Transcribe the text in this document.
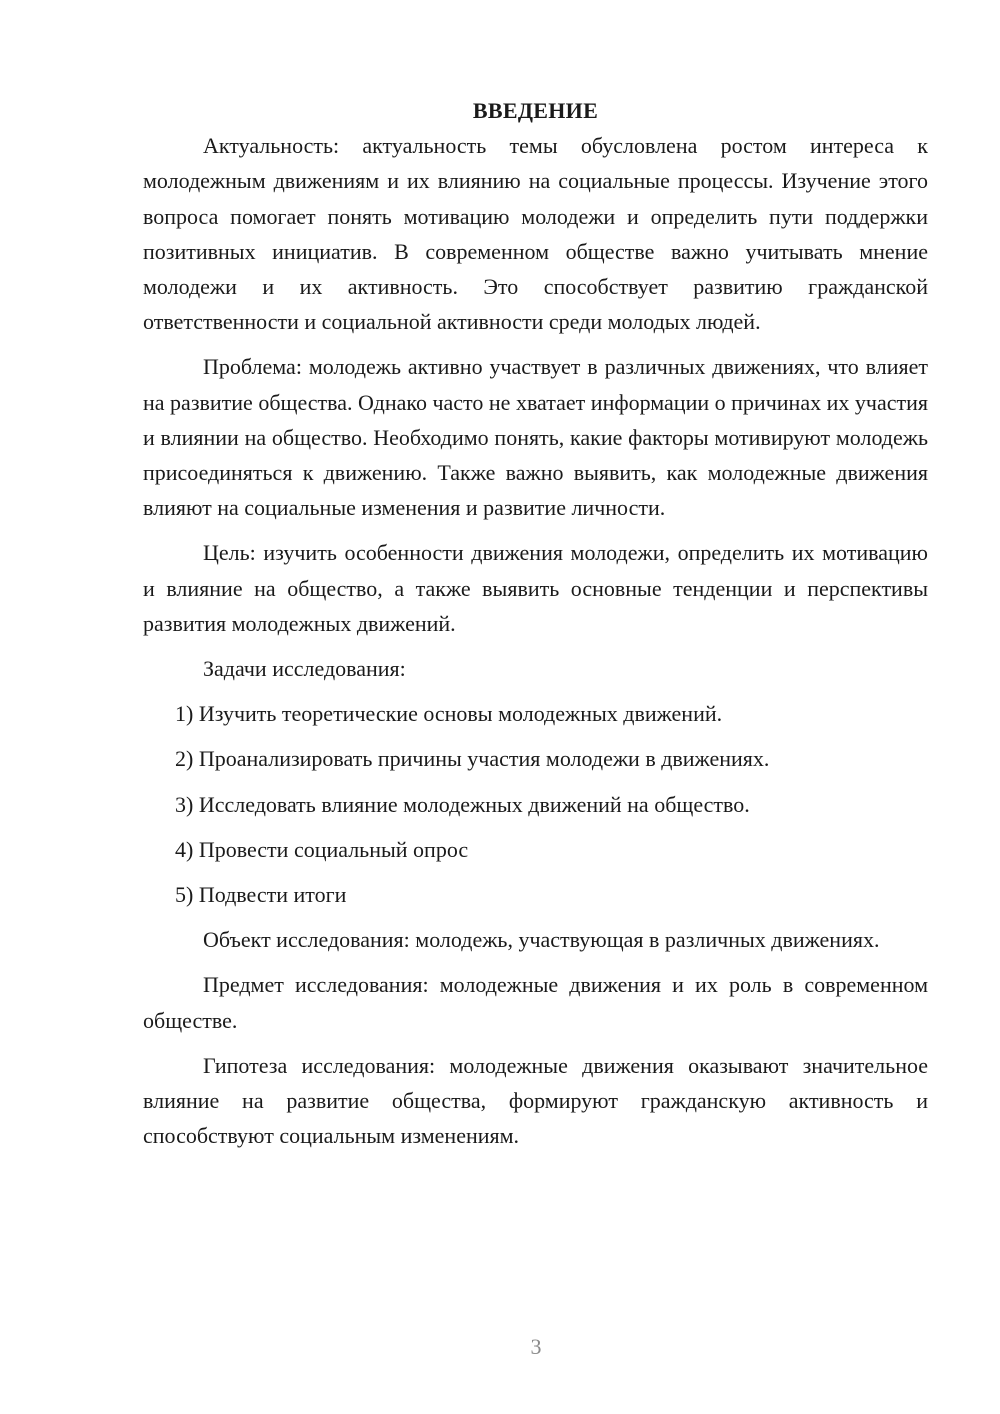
ВВЕДЕНИЕ

Актуальность: актуальность темы обусловлена ростом интереса к молодежным движениям и их влиянию на социальные процессы. Изучение этого вопроса помогает понять мотивацию молодежи и определить пути поддержки позитивных инициатив. В современном обществе важно учитывать мнение молодежи и их активность. Это способствует развитию гражданской ответственности и социальной активности среди молодых людей.

Проблема: молодежь активно участвует в различных движениях, что влияет на развитие общества. Однако часто не хватает информации о причинах их участия и влиянии на общество. Необходимо понять, какие факторы мотивируют молодежь присоединяться к движению. Также важно выявить, как молодежные движения влияют на социальные изменения и развитие личности.

Цель: изучить особенности движения молодежи, определить их мотивацию и влияние на общество, а также выявить основные тенденции и перспективы развития молодежных движений.

Задачи исследования:

1) Изучить теоретические основы молодежных движений.

2) Проанализировать причины участия молодежи в движениях.

3) Исследовать влияние молодежных движений на общество.

4) Провести социальный опрос

5) Подвести итоги

Объект исследования: молодежь, участвующая в различных движениях.

Предмет исследования: молодежные движения и их роль в современном обществе.

Гипотеза исследования: молодежные движения оказывают значительное влияние на развитие общества, формируют гражданскую активность и способствуют социальным изменениям.

3
